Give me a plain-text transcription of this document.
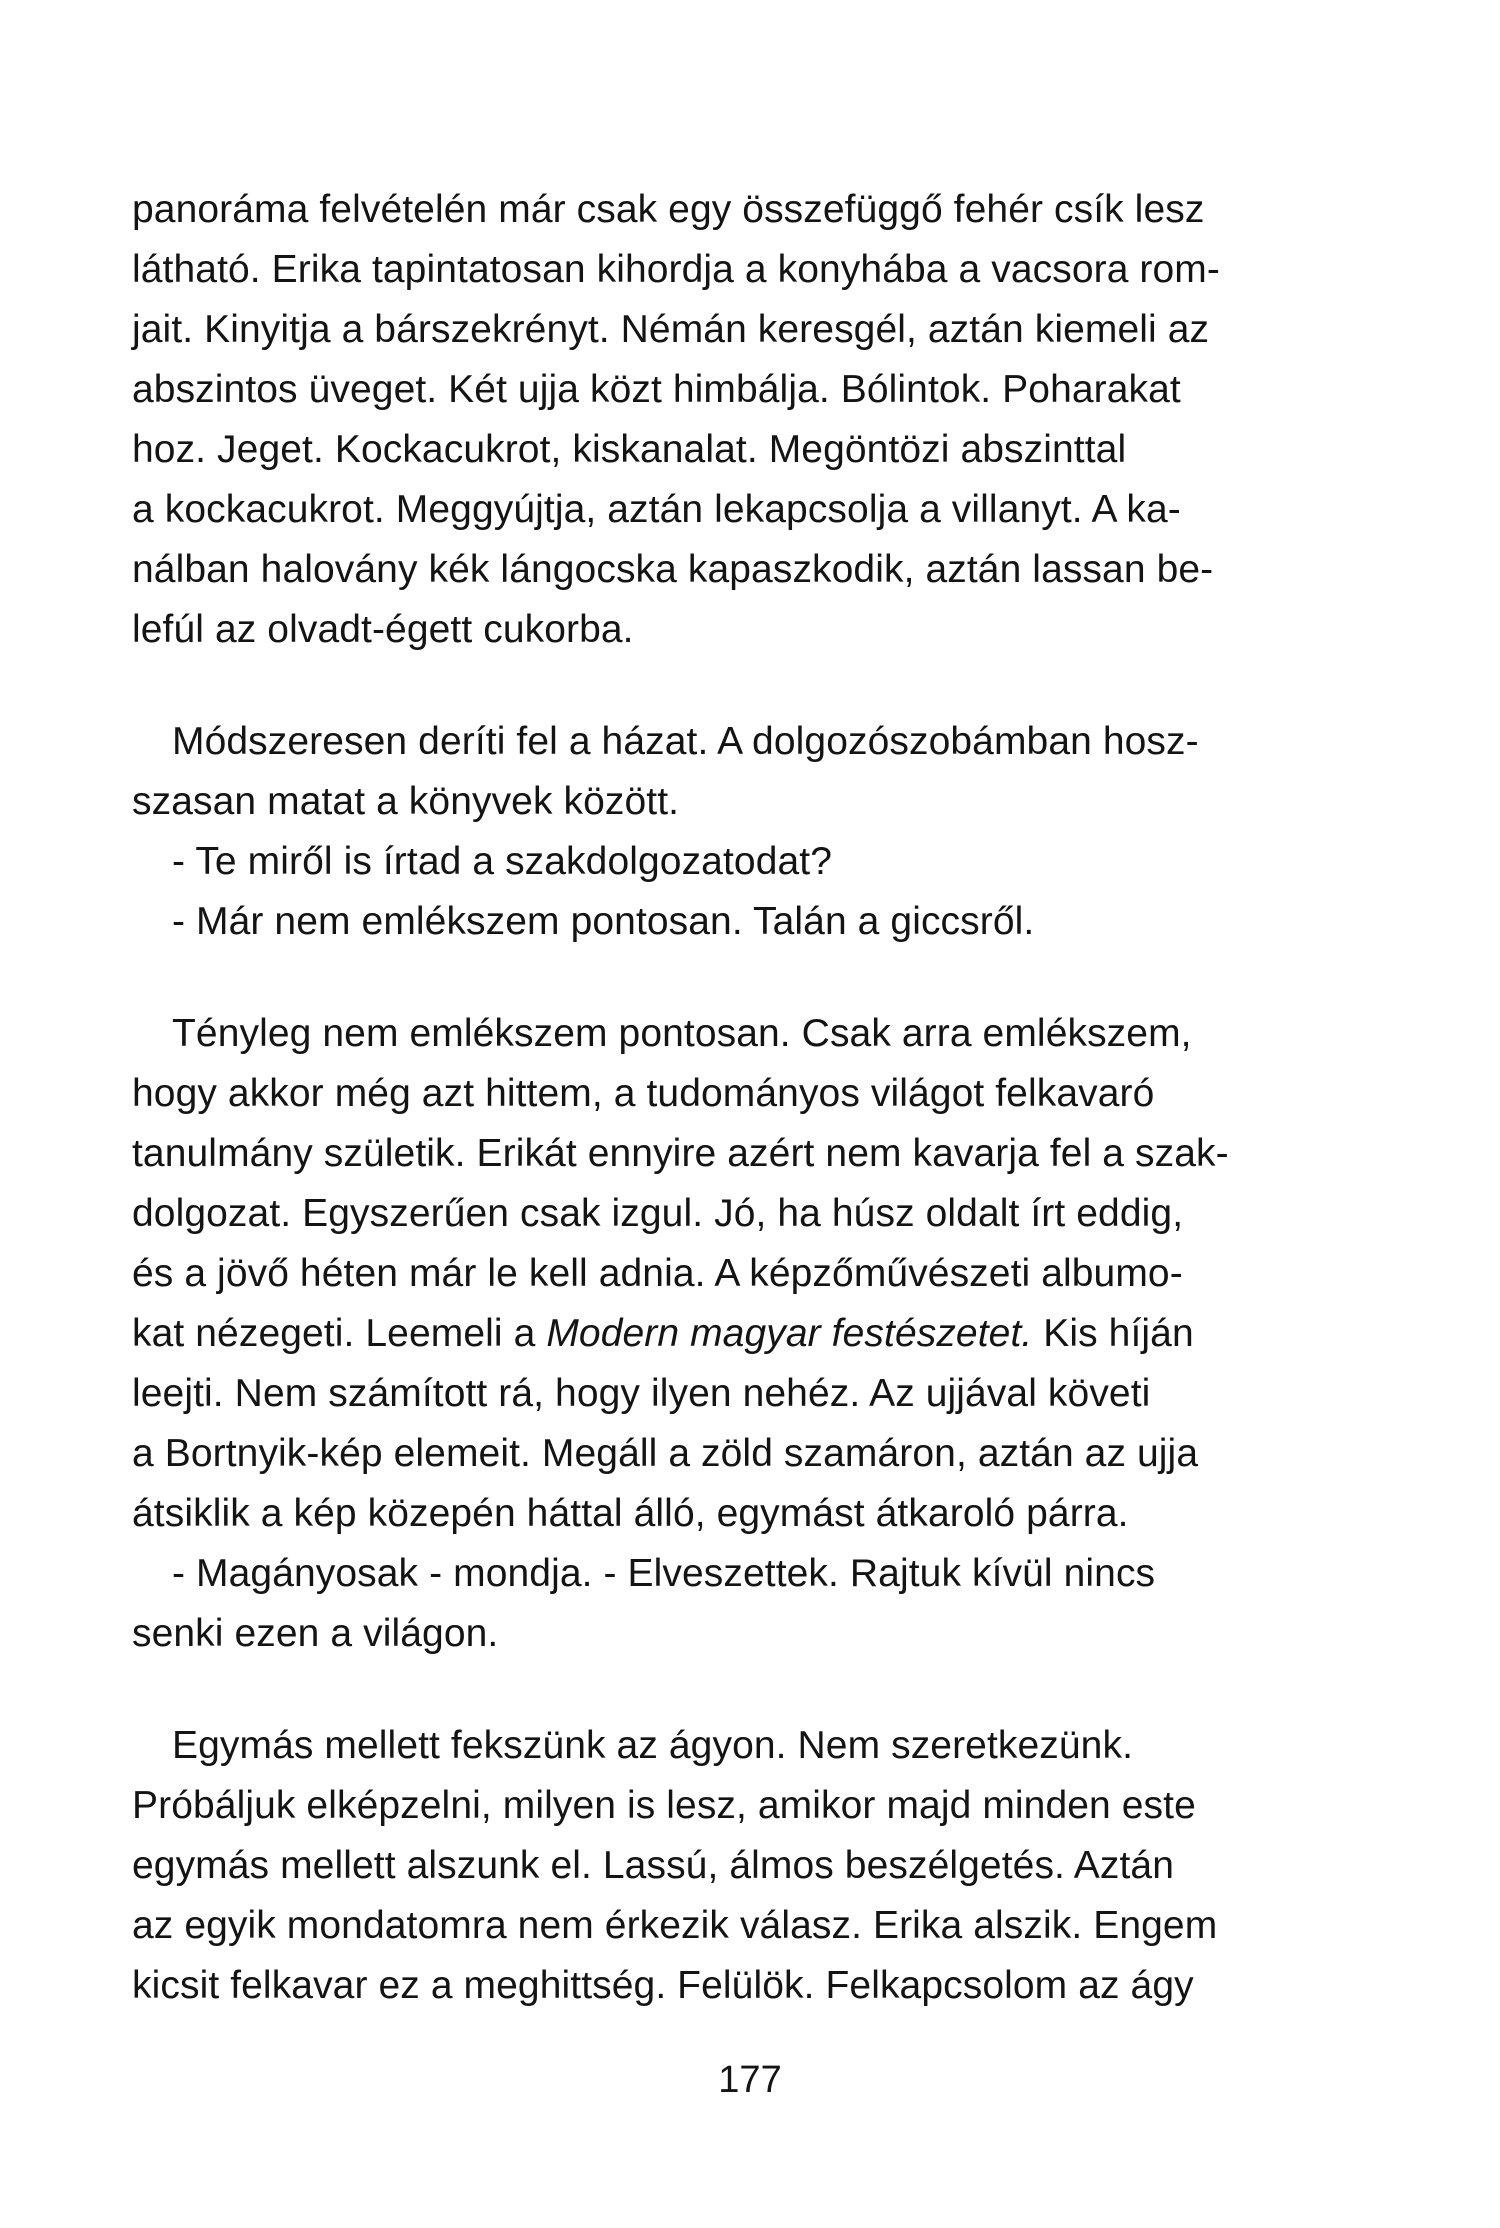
panoráma felvételén már csak egy összefüggő fehér csík lesz
látható. Erika tapintatosan kihordja a konyhába a vacsora rom-
jait. Kinyitja a bárszekrényt. Némán keresgél, aztán kiemeli az
abszintos üveget. Két ujja közt himbálja. Bólintok. Poharakat
hoz. Jeget. Kockacukrot, kiskanalat. Megöntözi abszinttal
a kockacukrot. Meggyújtja, aztán lekapcsolja a villanyt. A ka-
nálban halovány kék lángocska kapaszkodik, aztán lassan be-
lefúl az olvadt-égett cukorba.
Módszeresen deríti fel a házat. A dolgozószobámban hosz-
szasan matat a könyvek között.
- Te miről is írtad a szakdolgozatodat?
- Már nem emlékszem pontosan. Talán a giccsről.
Tényleg nem emlékszem pontosan. Csak arra emlékszem,
hogy akkor még azt hittem, a tudományos világot felkavaró
tanulmány születik. Erikát ennyire azért nem kavarja fel a szak-
dolgozat. Egyszerűen csak izgul. Jó, ha húsz oldalt írt eddig,
és a jövő héten már le kell adnia. A képzőművészeti albumo-
kat nézegeti. Leemeli a Modern magyar festészetet. Kis híján
leejti. Nem számított rá, hogy ilyen nehéz. Az ujjával követi
a Bortnyik-kép elemeit. Megáll a zöld szamáron, aztán az ujja
átsiklik a kép közepén háttal álló, egymást átkaroló párra.
- Magányosak - mondja. - Elveszettek. Rajtuk kívül nincs
senki ezen a világon.
Egymás mellett fekszünk az ágyon. Nem szeretkezünk.
Próbáljuk elképzelni, milyen is lesz, amikor majd minden este
egymás mellett alszunk el. Lassú, álmos beszélgetés. Aztán
az egyik mondatomra nem érkezik válasz. Erika alszik. Engem
kicsit felkavar ez a meghittség. Felülök. Felkapcsolom az ágy
177
